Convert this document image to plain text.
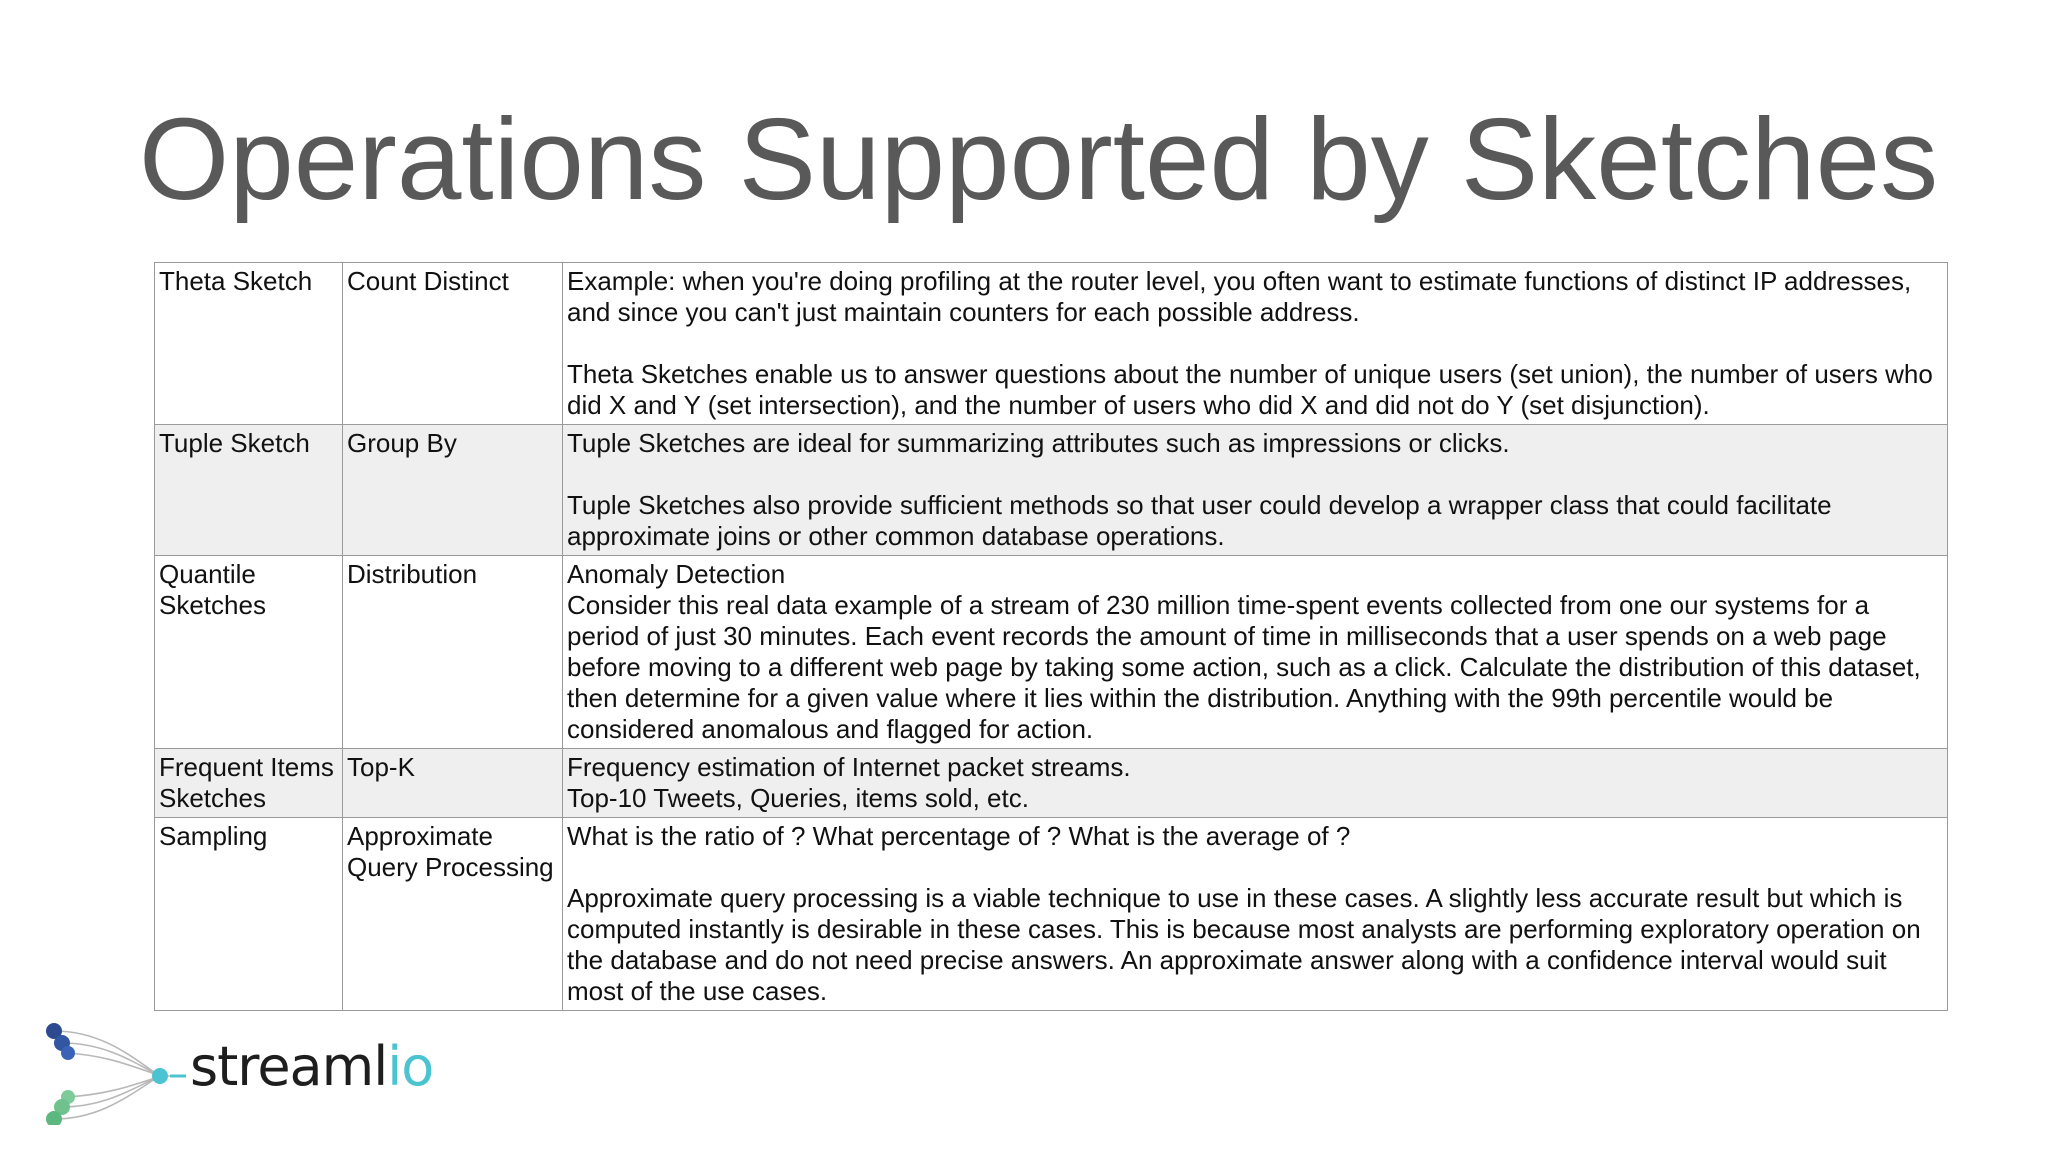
Operations Supported by Sketches
Theta Sketch	Count Distinct	Example: when you're doing profiling at the router level, you often want to estimate functions of distinct IP addresses, and since you can't just maintain counters for each possible address.
Theta Sketches enable us to answer questions about the number of unique users (set union), the number of users who did X and Y (set intersection), and the number of users who did X and did not do Y (set disjunction).

Tuple Sketch	Group By	Tuple Sketches are ideal for summarizing attributes such as impressions or clicks.
Tuple Sketches also provide sufficient methods so that user could develop a wrapper class that could facilitate approximate joins or other common database operations.

Quantile Sketches	Distribution	Anomaly Detection
Consider this real data example of a stream of 230 million time-spent events collected from one our systems for a period of just 30 minutes. Each event records the amount of time in milliseconds that a user spends on a web page before moving to a different web page by taking some action, such as a click. Calculate the distribution of this dataset, then determine for a given value where it lies within the distribution. Anything with the 99th percentile would be considered anomalous and flagged for action.

Frequent Items Sketches	Top-K	Frequency estimation of Internet packet streams.
Top-10 Tweets, Queries, items sold, etc.

Sampling	Approximate Query Processing	What is the ratio of ? What percentage of ? What is the average of ?
Approximate query processing is a viable technique to use in these cases. A slightly less accurate result but which is computed instantly is desirable in these cases. This is because most analysts are performing exploratory operation on the database and do not need precise answers. An approximate answer along with a confidence interval would suit most of the use cases.
streamlio
